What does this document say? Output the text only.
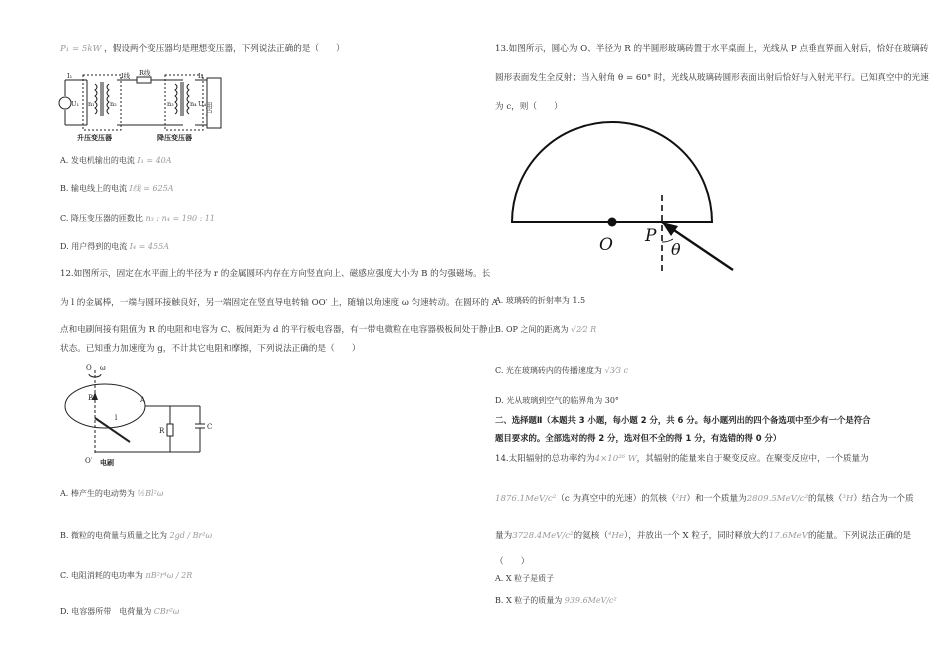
P₁ = 5kW ，假设两个变压器均是理想变压器，下列说法正确的是（　　）
I₁
U₁ n₁
I线 R线
n₂	n₃ n₄ U₄
I₄
用户
升压变压器	降压变压器
A. 发电机输出的电流 I₁ = 40A
B. 输电线上的电流 I线 = 625A
C. 降压变压器的匝数比 n₃ : n₄ = 190 : 11
D. 用户得到的电流 I₄ = 455A
12.如图所示，固定在水平面上的半径为 r 的金属圆环内存在方向竖直向上、磁感应强度大小为 B 的匀强磁场。长
为 l 的金属棒，一端与圆环接触良好，另一端固定在竖直导电转轴 OO′ 上，随轴以角速度 ω 匀速转动。在圆环的 A
点和电刷间接有阻值为 R 的电阻和电容为 C、板间距为 d 的平行板电容器，有一带电微粒在电容器极板间处于静止
状态。已知重力加速度为 g，不计其它电阻和摩擦，下列说法正确的是（　　）
O ω
B	A
l
R	C
O′ 电刷
A. 棒产生的电动势为 ½Bl²ω
B. 微粒的电荷量与质量之比为 2gd / Br²ω
C. 电阻消耗的电功率为 πB²r⁴ω / 2R
D. 电容器所带　电荷量为 CBr²ω
13.如图所示，圆心为 O、半径为 R 的半圆形玻璃砖置于水平桌面上，光线从 P 点垂直界面入射后，恰好在玻璃砖
圆形表面发生全反射；当入射角 θ = 60° 时，光线从玻璃砖圆形表面出射后恰好与入射光平行。已知真空中的光速
为 c，则（　　）
O P
θ
A. 玻璃砖的折射率为 1.5
B. OP 之间的距离为 √2⁄2 R
C. 光在玻璃砖内的传播速度为 √3⁄3 c
D. 光从玻璃到空气的临界角为 30°
二、选择题Ⅱ（本题共 3 小题，每小题 2 分，共 6 分。每小题列出的四个备选项中至少有一个是符合
题目要求的。全部选对的得 2 分，选对但不全的得 1 分，有选错的得 0 分）
14.太阳辐射的总功率约为4×10²⁶ W，其辐射的能量来自于聚变反应。在聚变反应中，一个质量为
1876.1MeV/c²（c 为真空中的光速）的氘核（²H）和一个质量为2809.5MeV/c²的氚核（³H）结合为一个质
量为3728.4MeV/c²的氦核（⁴He），并放出一个 X 粒子，同时释放大约17.6MeV的能量。下列说法正确的是
（　　）
A. X 粒子是质子
B. X 粒子的质量为 939.6MeV/c²
